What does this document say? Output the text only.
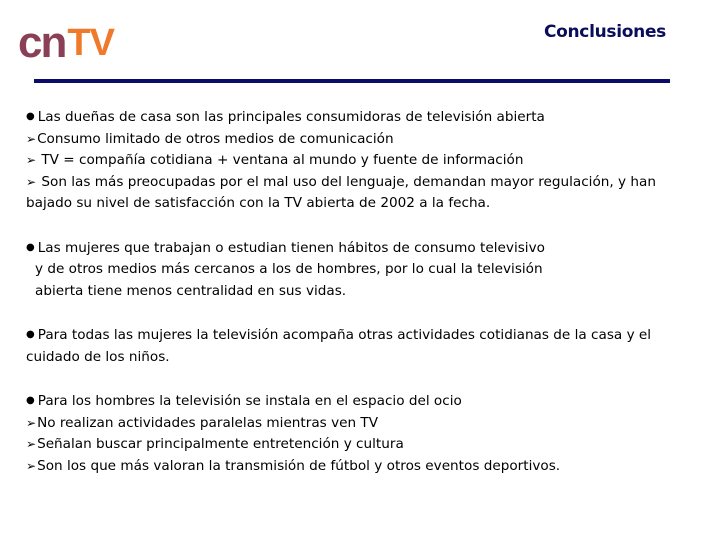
cn TV	Conclusiones
● Las dueñas de casa son las principales consumidoras de televisión abierta
➢Consumo limitado de otros medios de comunicación
➢ TV = compañía cotidiana + ventana al mundo y fuente de información
➢ Son las más preocupadas por el mal uso del lenguaje, demandan mayor regulación, y han bajado su nivel de satisfacción con la TV abierta de 2002 a la fecha.
● Las mujeres que trabajan o estudian tienen hábitos de consumo televisivo
y de otros medios más cercanos a los de hombres, por lo cual la televisión
abierta tiene menos centralidad en sus vidas.
● Para todas las mujeres la televisión acompaña otras actividades cotidianas de la casa y el cuidado de los niños.
● Para los hombres la televisión se instala en el espacio del ocio
➢No realizan actividades paralelas mientras ven TV
➢Señalan buscar principalmente entretención y cultura
➢Son los que más valoran la transmisión de fútbol y otros eventos deportivos.
